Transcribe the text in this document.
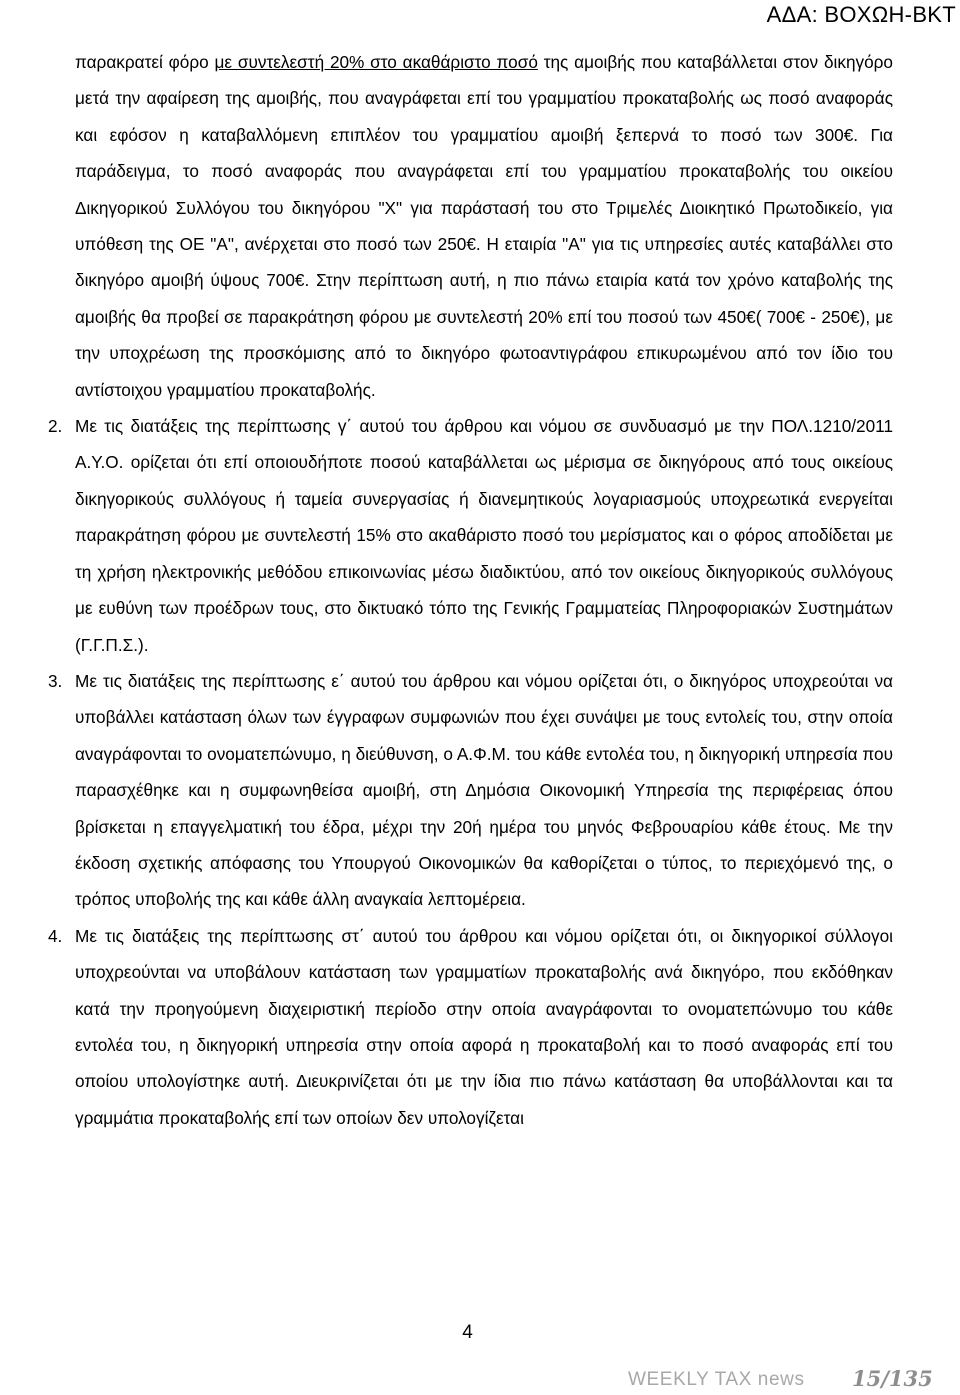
ΑΔΑ: ΒΟΧΩΗ-ΒΚΤ

παρακρατεί φόρο με συντελεστή 20% στο ακαθάριστο ποσό της αμοιβής που καταβάλλεται στον δικηγόρο μετά την αφαίρεση της αμοιβής, που αναγράφεται επί του γραμματίου προκαταβολής ως ποσό αναφοράς και εφόσον η καταβαλλόμενη επιπλέον του γραμματίου αμοιβή ξεπερνά το ποσό των 300€. Για παράδειγμα, το ποσό αναφοράς που αναγράφεται επί του γραμματίου προκαταβολής του οικείου Δικηγορικού Συλλόγου του δικηγόρου "Χ" για παράστασή του στο Τριμελές Διοικητικό Πρωτοδικείο, για υπόθεση της ΟΕ "Α", ανέρχεται στο ποσό των 250€. Η εταιρία "Α" για τις υπηρεσίες αυτές καταβάλλει στο δικηγόρο αμοιβή ύψους 700€. Στην περίπτωση αυτή, η πιο πάνω εταιρία κατά τον χρόνο καταβολής της αμοιβής θα προβεί σε παρακράτηση φόρου με συντελεστή 20% επί του ποσού των 450€( 700€ - 250€), με την υποχρέωση της προσκόμισης από το δικηγόρο φωτοαντιγράφου επικυρωμένου από τον ίδιο του αντίστοιχου γραμματίου προκαταβολής.

2. Με τις διατάξεις της περίπτωσης γ΄ αυτού του άρθρου και νόμου σε συνδυασμό με την ΠΟΛ.1210/2011 Α.Υ.Ο. ορίζεται ότι επί οποιουδήποτε ποσού καταβάλλεται ως μέρισμα σε δικηγόρους από τους οικείους δικηγορικούς συλλόγους ή ταμεία συνεργασίας ή διανεμητικούς λογαριασμούς υποχρεωτικά ενεργείται παρακράτηση φόρου με συντελεστή 15% στο ακαθάριστο ποσό του μερίσματος και ο φόρος αποδίδεται με τη χρήση ηλεκτρονικής μεθόδου επικοινωνίας μέσω διαδικτύου, από τον οικείους δικηγορικούς συλλόγους με ευθύνη των προέδρων τους, στο δικτυακό τόπο της Γενικής Γραμματείας Πληροφοριακών Συστημάτων (Γ.Γ.Π.Σ.).

3. Με τις διατάξεις της περίπτωσης ε΄ αυτού του άρθρου και νόμου ορίζεται ότι, ο δικηγόρος υποχρεούται να υποβάλλει κατάσταση όλων των έγγραφων συμφωνιών που έχει συνάψει με τους εντολείς του, στην οποία αναγράφονται το ονοματεπώνυμο, η διεύθυνση, ο Α.Φ.Μ. του κάθε εντολέα του, η δικηγορική υπηρεσία που παρασχέθηκε και η συμφωνηθείσα αμοιβή, στη Δημόσια Οικονομική Υπηρεσία της περιφέρειας όπου βρίσκεται η επαγγελματική του έδρα, μέχρι την 20ή ημέρα του μηνός Φεβρουαρίου κάθε έτους. Με την έκδοση σχετικής απόφασης του Υπουργού Οικονομικών θα καθορίζεται ο τύπος, το περιεχόμενό της, ο τρόπος υποβολής της και κάθε άλλη αναγκαία λεπτομέρεια.

4. Με τις διατάξεις της περίπτωσης στ΄ αυτού του άρθρου και νόμου ορίζεται ότι, οι δικηγορικοί σύλλογοι υποχρεούνται να υποβάλουν κατάσταση των γραμματίων προκαταβολής ανά δικηγόρο, που εκδόθηκαν κατά την προηγούμενη διαχειριστική περίοδο στην οποία αναγράφονται το ονοματεπώνυμο του κάθε εντολέα του, η δικηγορική υπηρεσία στην οποία αφορά η προκαταβολή και το ποσό αναφοράς επί του οποίου υπολογίστηκε αυτή. Διευκρινίζεται ότι με την ίδια πιο πάνω κατάσταση θα υποβάλλονται και τα γραμμάτια προκαταβολής επί των οποίων δεν υπολογίζεται

4
WEEKLY TAX news 15/135
